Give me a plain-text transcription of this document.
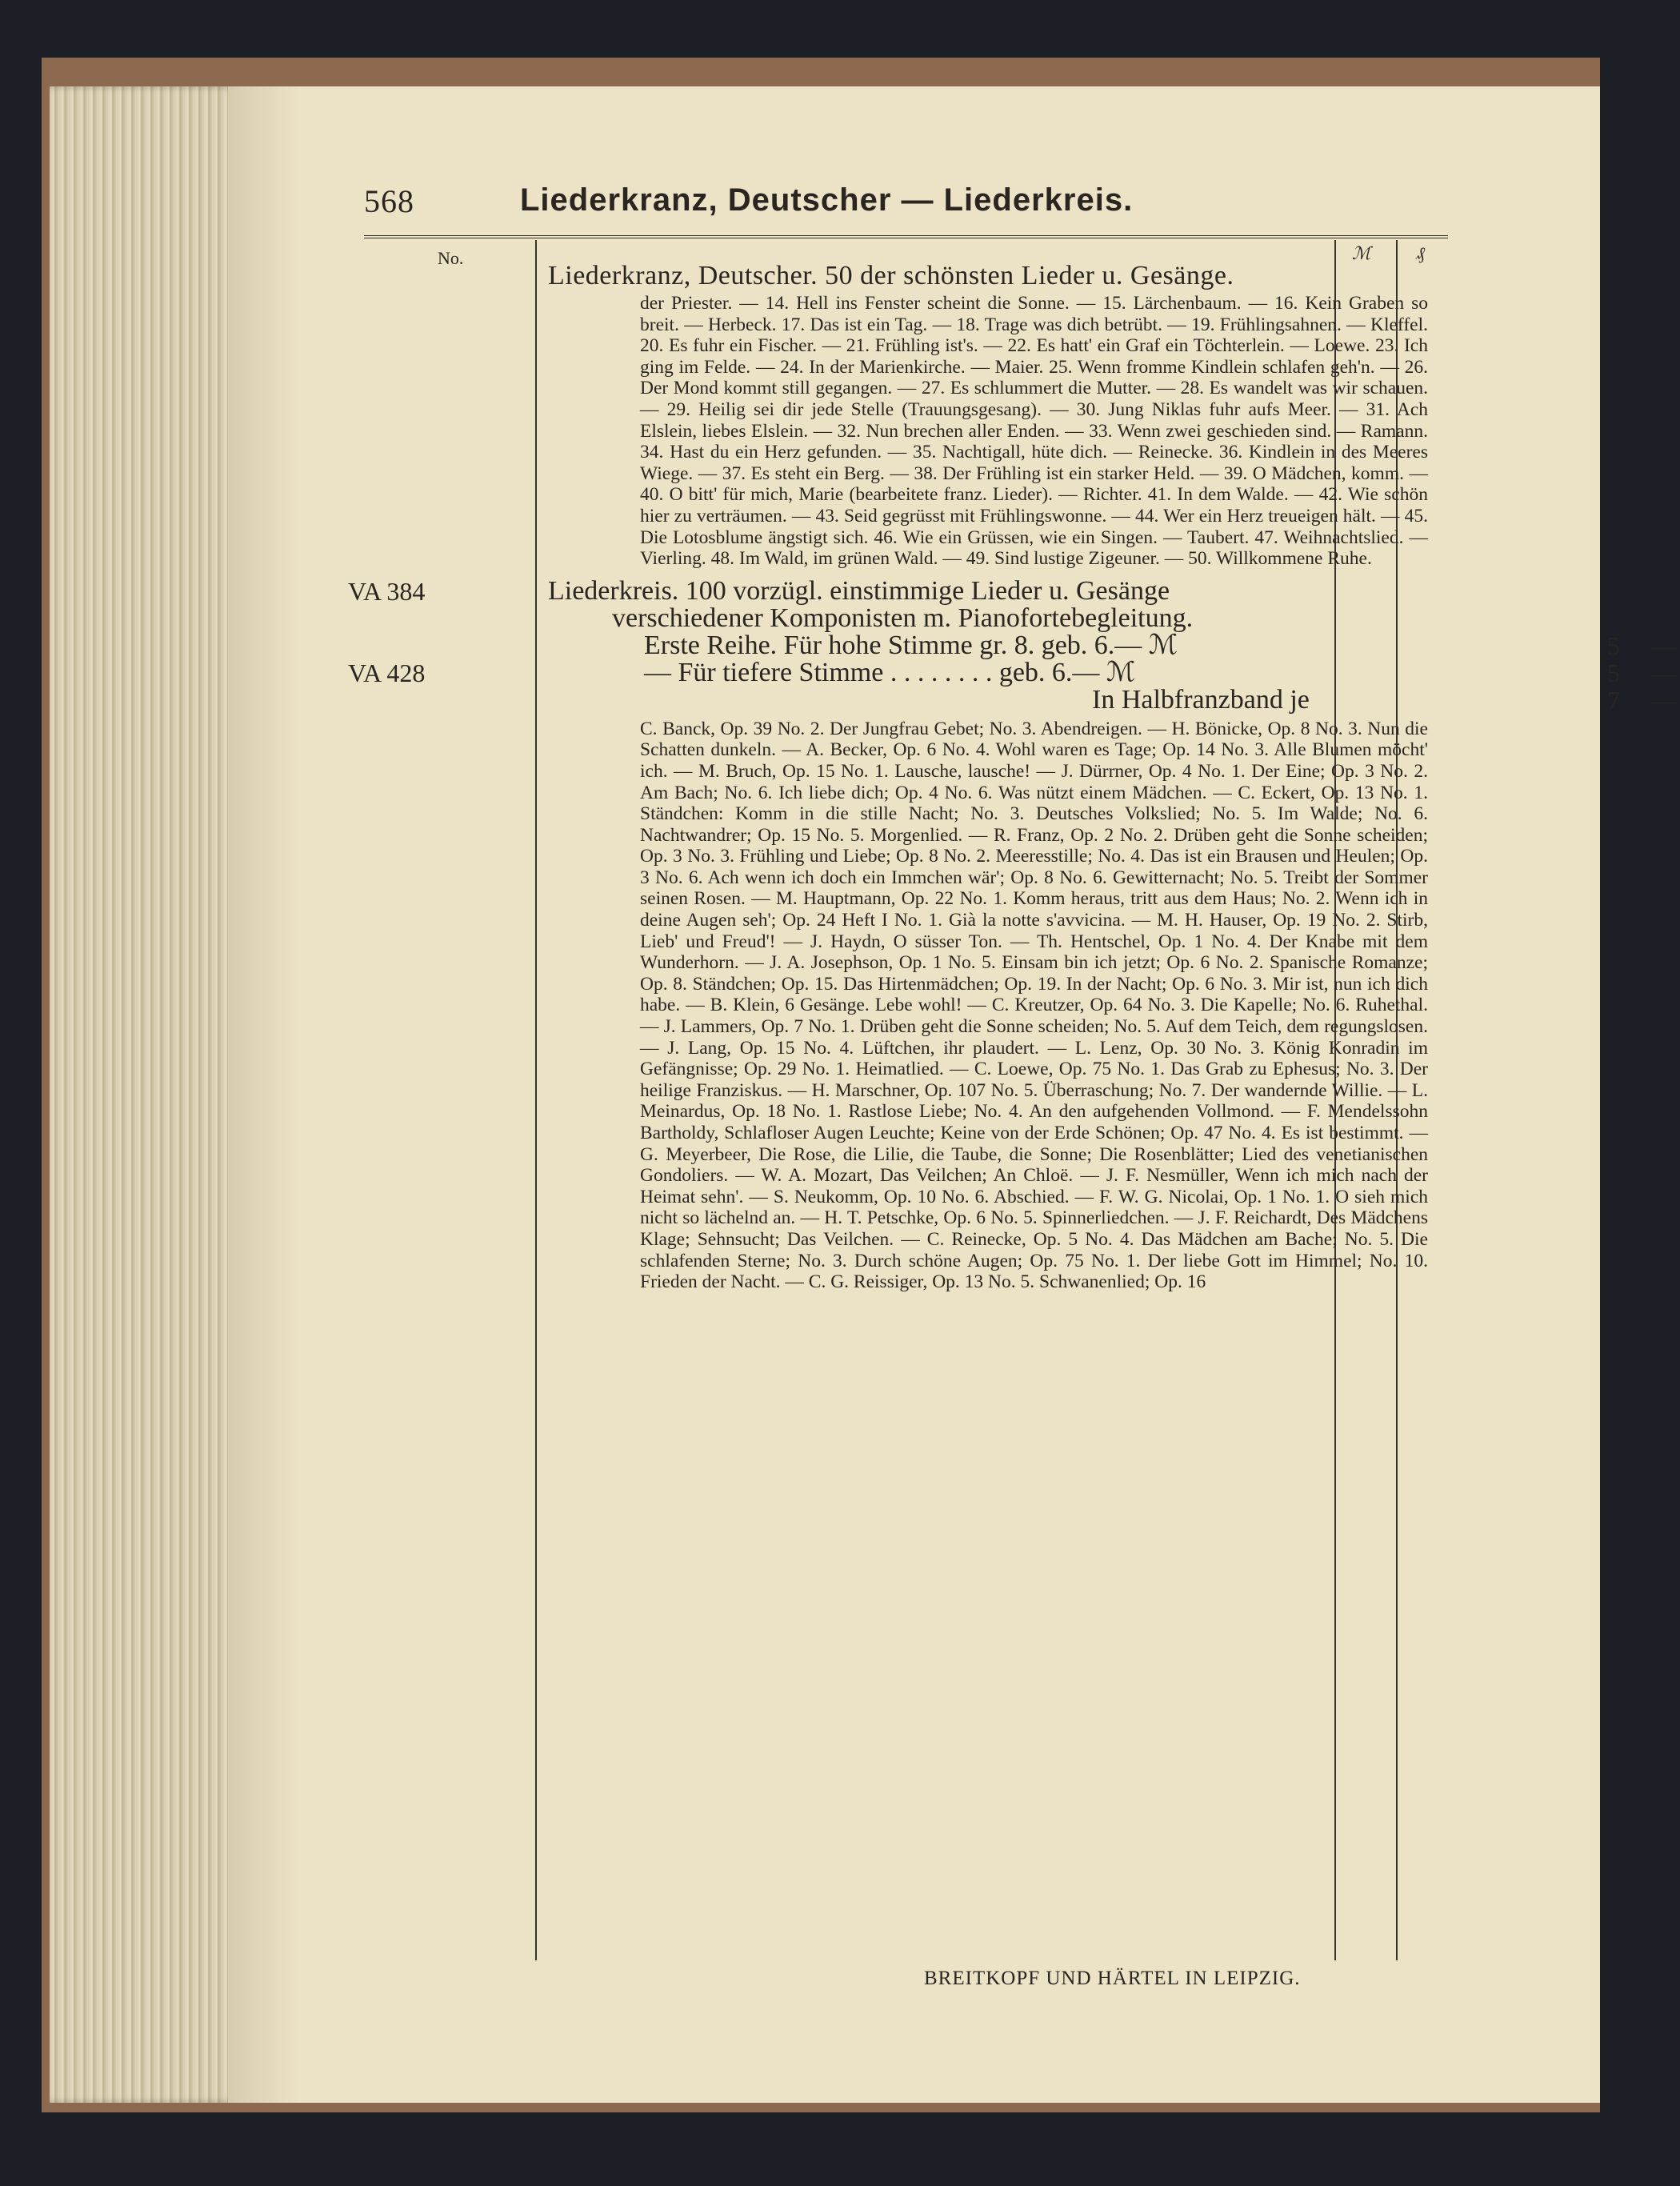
568	Liederkranz, Deutscher — Liederkreis.
No.	ℳ	₰
Liederkranz, Deutscher. 50 der schönsten Lieder u. Gesänge.
der Priester. — 14. Hell ins Fenster scheint die Sonne. — 15. Lärchenbaum. — 16. Kein Graben so breit. — Herbeck. 17. Das ist ein Tag. — 18. Trage was dich betrübt. — 19. Frühlingsahnen. — Kleffel. 20. Es fuhr ein Fischer. — 21. Frühling ist's. — 22. Es hatt' ein Graf ein Töchterlein. — Loewe. 23. Ich ging im Felde. — 24. In der Marienkirche. — Maier. 25. Wenn fromme Kindlein schlafen geh'n. — 26. Der Mond kommt still gegangen. — 27. Es schlummert die Mutter. — 28. Es wandelt was wir schauen. — 29. Heilig sei dir jede Stelle (Trauungsgesang). — 30. Jung Niklas fuhr aufs Meer. — 31. Ach Elslein, liebes Elslein. — 32. Nun brechen aller Enden. — 33. Wenn zwei geschieden sind. — Ramann. 34. Hast du ein Herz gefunden. — 35. Nachtigall, hüte dich. — Reinecke. 36. Kindlein in des Meeres Wiege. — 37. Es steht ein Berg. — 38. Der Frühling ist ein starker Held. — 39. O Mädchen, komm. — 40. O bitt' für mich, Marie (bearbeitete franz. Lieder). — Richter. 41. In dem Walde. — 42. Wie schön hier zu verträumen. — 43. Seid gegrüsst mit Frühlingswonne. — 44. Wer ein Herz treueigen hält. — 45. Die Lotosblume ängstigt sich. 46. Wie ein Grüssen, wie ein Singen. — Taubert. 47. Weihnachtslied. — Vierling. 48. Im Wald, im grünen Wald. — 49. Sind lustige Zigeuner. — 50. Willkommene Ruhe.
VA 384	Liederkreis. 100 vorzügl. einstimmige Lieder u. Gesänge
verschiedener Komponisten m. Pianofortebegleitung.
Erste Reihe. Für hohe Stimme gr. 8. geb. 6.— ℳ	5	—
VA 428	— Für tiefere Stimme . . . . . . . . geb. 6.— ℳ	5	—
In Halbfranzband je	7	—
C. Banck, Op. 39 No. 2. Der Jungfrau Gebet; No. 3. Abendreigen. — H. Bönicke, Op. 8 No. 3. Nun die Schatten dunkeln. — A. Becker, Op. 6 No. 4. Wohl waren es Tage; Op. 14 No. 3. Alle Blumen möcht' ich. — M. Bruch, Op. 15 No. 1. Lausche, lausche! — J. Dürrner, Op. 4 No. 1. Der Eine; Op. 3 No. 2. Am Bach; No. 6. Ich liebe dich; Op. 4 No. 6. Was nützt einem Mädchen. — C. Eckert, Op. 13 No. 1. Ständchen: Komm in die stille Nacht; No. 3. Deutsches Volkslied; No. 5. Im Walde; No. 6. Nachtwandrer; Op. 15 No. 5. Morgenlied. — R. Franz, Op. 2 No. 2. Drüben geht die Sonne scheiden; Op. 3 No. 3. Frühling und Liebe; Op. 8 No. 2. Meeresstille; No. 4. Das ist ein Brausen und Heulen; Op. 3 No. 6. Ach wenn ich doch ein Immchen wär'; Op. 8 No. 6. Gewitternacht; No. 5. Treibt der Sommer seinen Rosen. — M. Hauptmann, Op. 22 No. 1. Komm heraus, tritt aus dem Haus; No. 2. Wenn ich in deine Augen seh'; Op. 24 Heft I No. 1. Già la notte s'avvicina. — M. H. Hauser, Op. 19 No. 2. Stirb, Lieb' und Freud'! — J. Haydn, O süsser Ton. — Th. Hentschel, Op. 1 No. 4. Der Knabe mit dem Wunderhorn. — J. A. Josephson, Op. 1 No. 5. Einsam bin ich jetzt; Op. 6 No. 2. Spanische Romanze; Op. 8. Ständchen; Op. 15. Das Hirtenmädchen; Op. 19. In der Nacht; Op. 6 No. 3. Mir ist, nun ich dich habe. — B. Klein, 6 Gesänge. Lebe wohl! — C. Kreutzer, Op. 64 No. 3. Die Kapelle; No. 6. Ruhethal. — J. Lammers, Op. 7 No. 1. Drüben geht die Sonne scheiden; No. 5. Auf dem Teich, dem regungslosen. — J. Lang, Op. 15 No. 4. Lüftchen, ihr plaudert. — L. Lenz, Op. 30 No. 3. König Konradin im Gefängnisse; Op. 29 No. 1. Heimatlied. — C. Loewe, Op. 75 No. 1. Das Grab zu Ephesus; No. 3. Der heilige Franziskus. — H. Marschner, Op. 107 No. 5. Überraschung; No. 7. Der wandernde Willie. — L. Meinardus, Op. 18 No. 1. Rastlose Liebe; No. 4. An den aufgehenden Vollmond. — F. Mendelssohn Bartholdy, Schlafloser Augen Leuchte; Keine von der Erde Schönen; Op. 47 No. 4. Es ist bestimmt. — G. Meyerbeer, Die Rose, die Lilie, die Taube, die Sonne; Die Rosenblätter; Lied des venetianischen Gondoliers. — W. A. Mozart, Das Veilchen; An Chloë. — J. F. Nesmüller, Wenn ich mich nach der Heimat sehn'. — S. Neukomm, Op. 10 No. 6. Abschied. — F. W. G. Nicolai, Op. 1 No. 1. O sieh mich nicht so lächelnd an. — H. T. Petschke, Op. 6 No. 5. Spinnerliedchen. — J. F. Reichardt, Des Mädchens Klage; Sehnsucht; Das Veilchen. — C. Reinecke, Op. 5 No. 4. Das Mädchen am Bache; No. 5. Die schlafenden Sterne; No. 3. Durch schöne Augen; Op. 75 No. 1. Der liebe Gott im Himmel; No. 10. Frieden der Nacht. — C. G. Reissiger, Op. 13 No. 5. Schwanenlied; Op. 16
BREITKOPF UND HÄRTEL IN LEIPZIG.
